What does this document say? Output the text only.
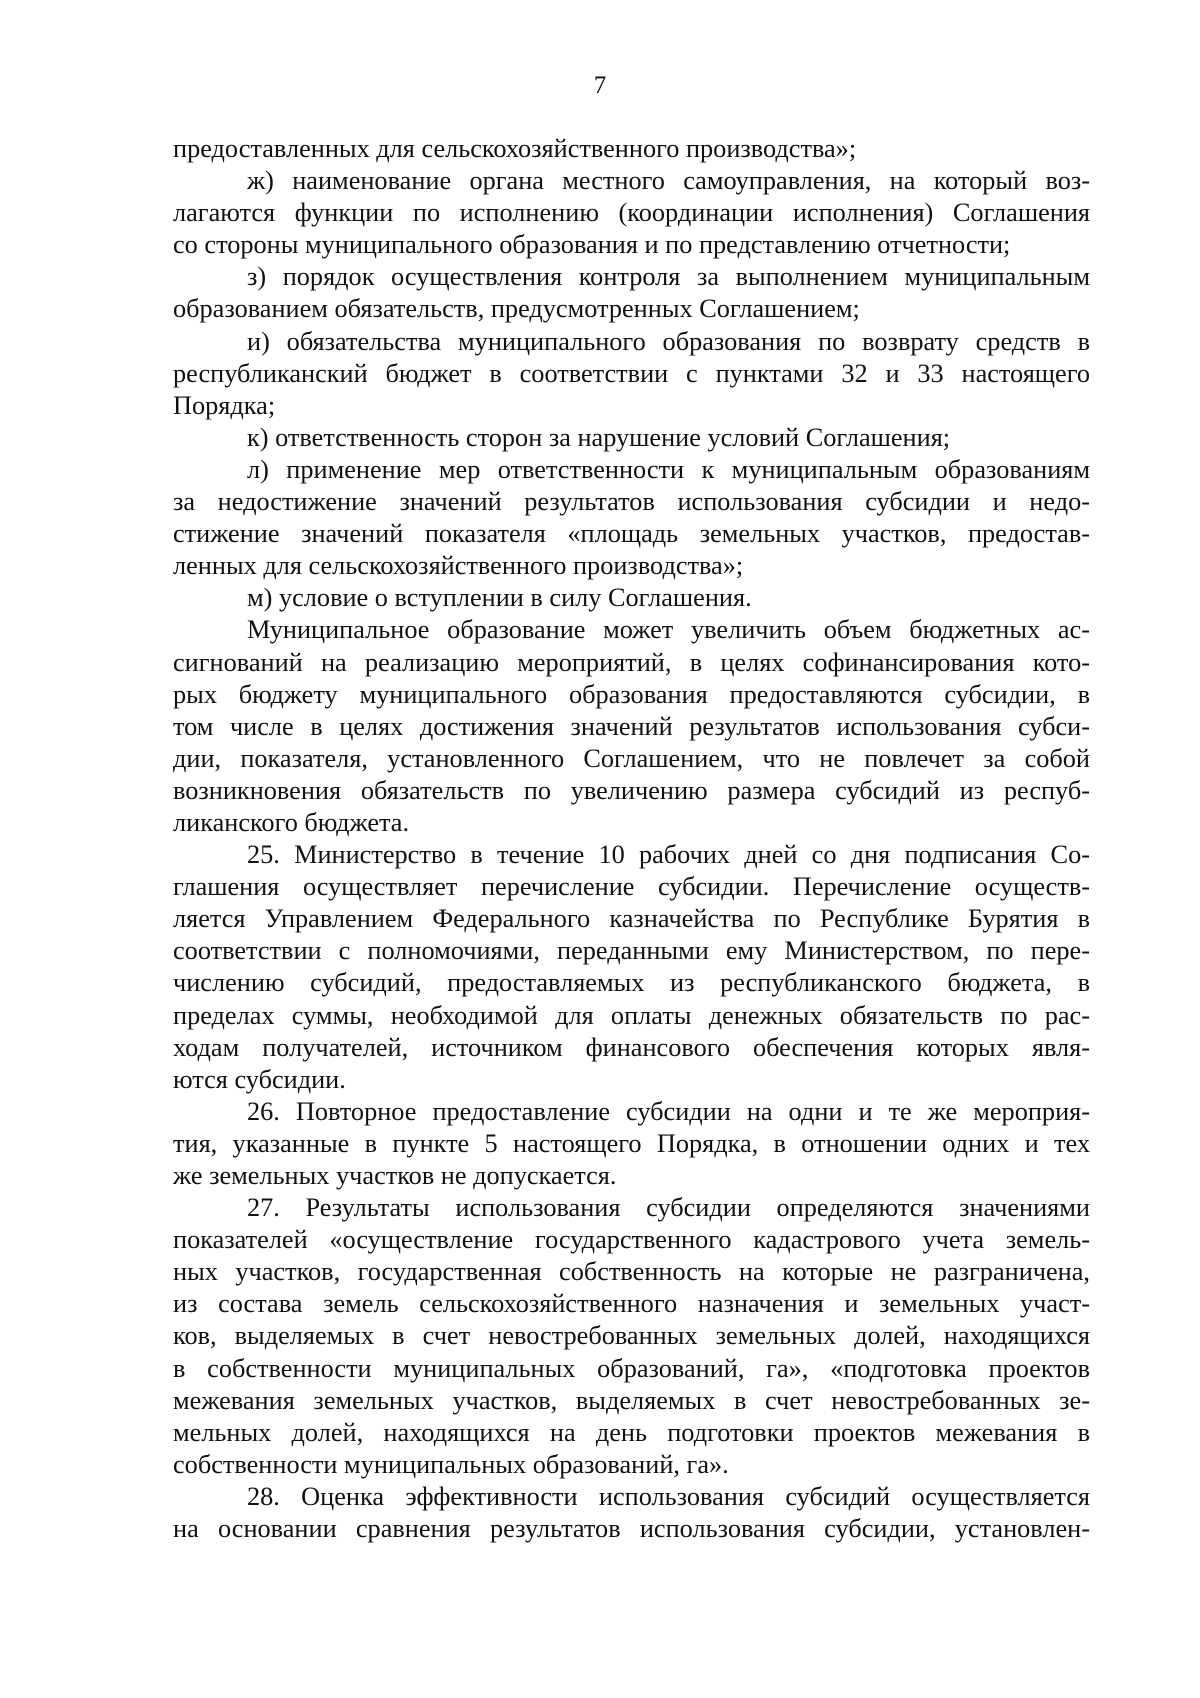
7
предоставленных для сельскохозяйственного производства»;
ж) наименование органа местного самоуправления, на который воз-
лагаются функции по исполнению (координации исполнения) Соглашения
со стороны муниципального образования и по представлению отчетности;
з) порядок осуществления контроля за выполнением муниципальным
образованием обязательств, предусмотренных Соглашением;
и) обязательства муниципального образования по возврату средств в
республиканский бюджет в соответствии с пунктами 32 и 33 настоящего
Порядка;
к) ответственность сторон за нарушение условий Соглашения;
л) применение мер ответственности к муниципальным образованиям
за недостижение значений результатов использования субсидии и недо-
стижение значений показателя «площадь земельных участков, предостав-
ленных для сельскохозяйственного производства»;
м) условие о вступлении в силу Соглашения.
Муниципальное образование может увеличить объем бюджетных ас-
сигнований на реализацию мероприятий, в целях софинансирования кото-
рых бюджету муниципального образования предоставляются субсидии, в
том числе в целях достижения значений результатов использования субси-
дии, показателя, установленного Соглашением, что не повлечет за собой
возникновения обязательств по увеличению размера субсидий из респуб-
ликанского бюджета.
25. Министерство в течение 10 рабочих дней со дня подписания Со-
глашения осуществляет перечисление субсидии. Перечисление осуществ-
ляется Управлением Федерального казначейства по Республике Бурятия в
соответствии с полномочиями, переданными ему Министерством, по пере-
числению субсидий, предоставляемых из республиканского бюджета, в
пределах суммы, необходимой для оплаты денежных обязательств по рас-
ходам получателей, источником финансового обеспечения которых явля-
ются субсидии.
26. Повторное предоставление субсидии на одни и те же мероприя-
тия, указанные в пункте 5 настоящего Порядка, в отношении одних и тех
же земельных участков не допускается.
27. Результаты использования субсидии определяются значениями
показателей «осуществление государственного кадастрового учета земель-
ных участков, государственная собственность на которые не разграничена,
из состава земель сельскохозяйственного назначения и земельных участ-
ков, выделяемых в счет невостребованных земельных долей, находящихся
в собственности муниципальных образований, га», «подготовка проектов
межевания земельных участков, выделяемых в счет невостребованных зе-
мельных долей, находящихся на день подготовки проектов межевания в
собственности муниципальных образований, га».
28. Оценка эффективности использования субсидий осуществляется
на основании сравнения результатов использования субсидии, установлен-
